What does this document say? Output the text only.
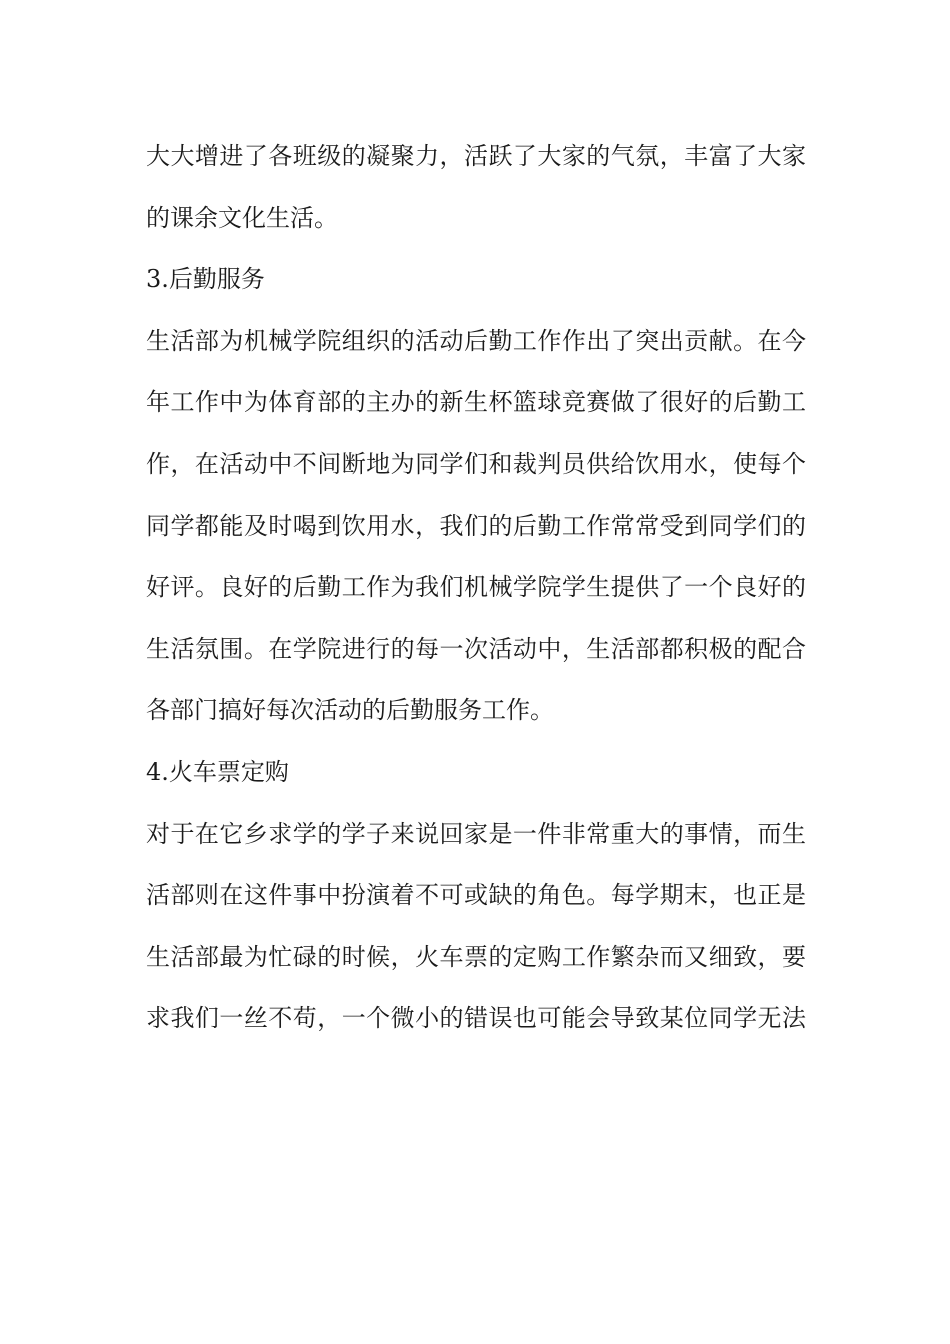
大大增进了各班级的凝聚力，活跃了大家的气氛，丰富了大家
的课余文化生活。
3.后勤服务
生活部为机械学院组织的活动后勤工作作出了突出贡献。在今
年工作中为体育部的主办的新生杯篮球竞赛做了很好的后勤工
作，在活动中不间断地为同学们和裁判员供给饮用水，使每个
同学都能及时喝到饮用水，我们的后勤工作常常受到同学们的
好评。良好的后勤工作为我们机械学院学生提供了一个良好的
生活氛围。在学院进行的每一次活动中，生活部都积极的配合
各部门搞好每次活动的后勤服务工作。
4.火车票定购
对于在它乡求学的学子来说回家是一件非常重大的事情，而生
活部则在这件事中扮演着不可或缺的角色。每学期末，也正是
生活部最为忙碌的时候，火车票的定购工作繁杂而又细致，要
求我们一丝不苟，一个微小的错误也可能会导致某位同学无法
